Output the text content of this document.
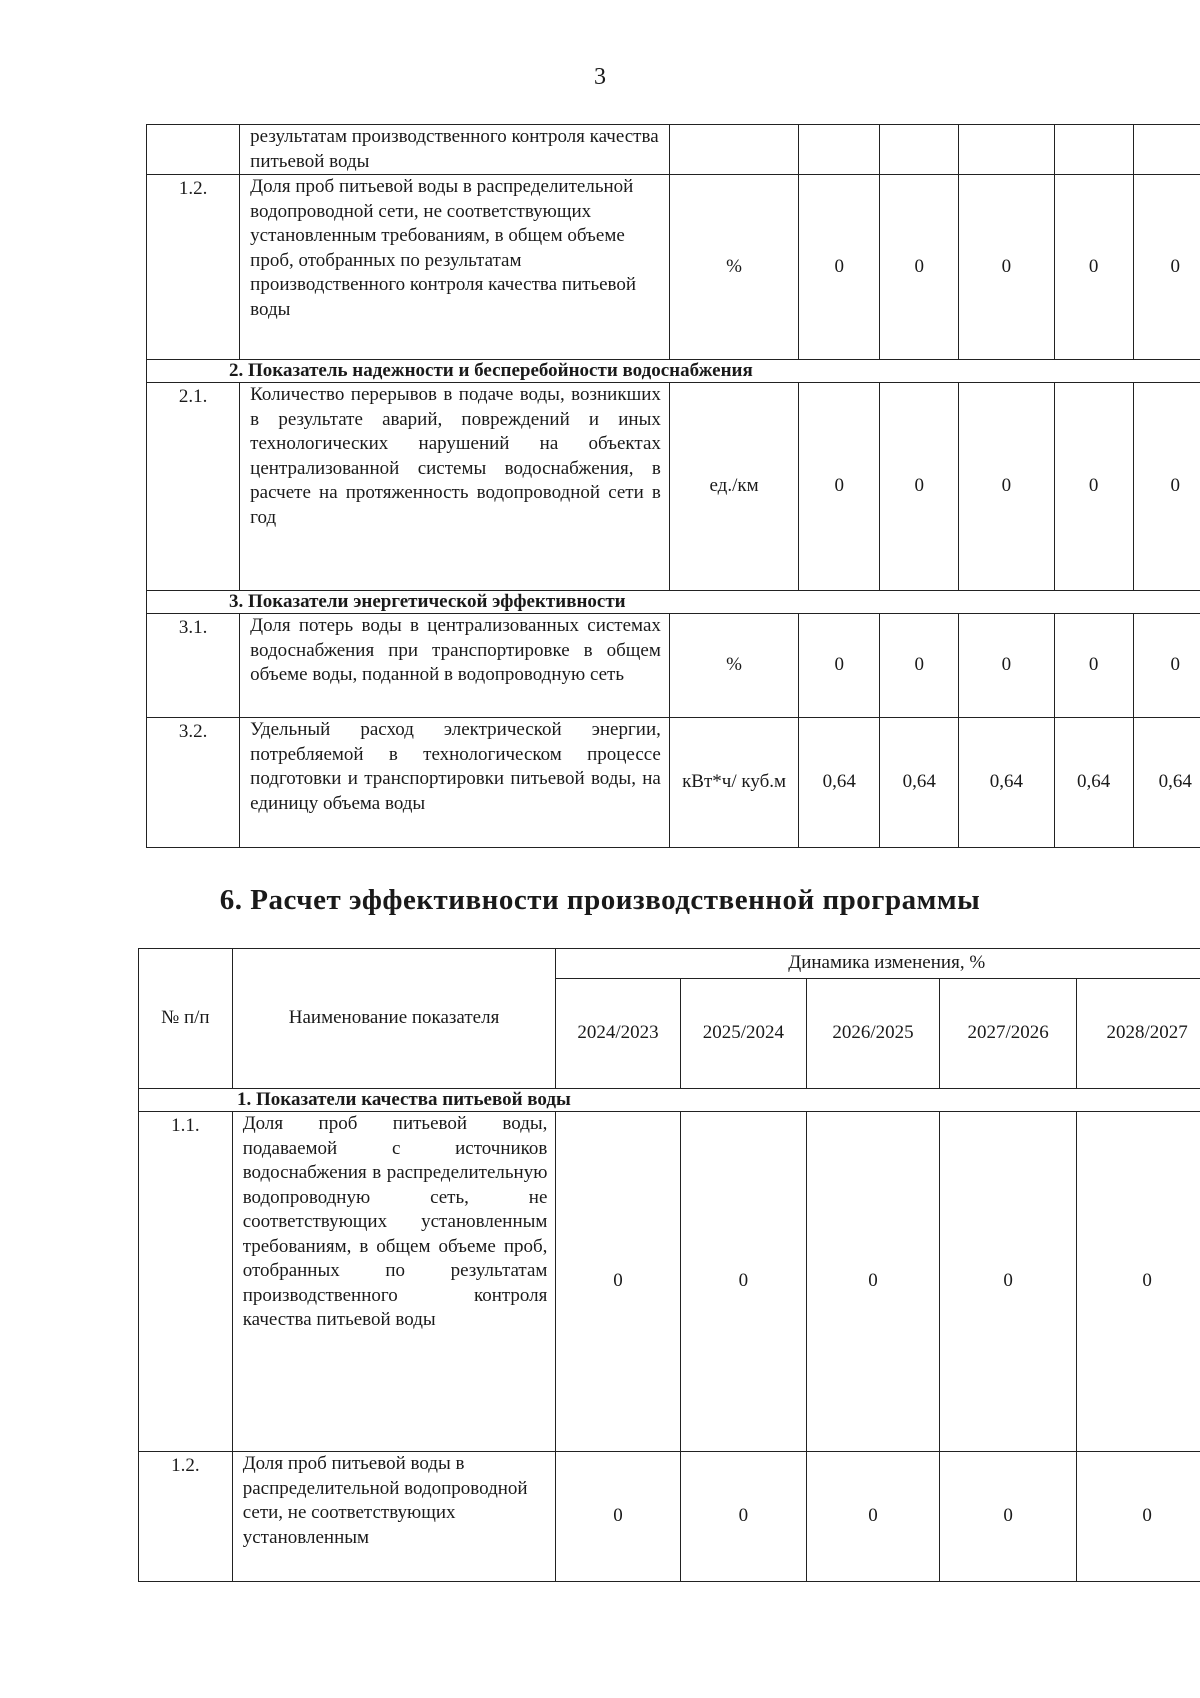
3
	результатам производственного контроля качества питьевой воды						
1.2.	Доля проб питьевой воды в распределительной водопроводной сети, не соответствующих установленным требованиям, в общем объеме проб, отобранных по результатам производственного контроля качества питьевой воды	%	0	0	0	0	0
2. Показатель надежности и бесперебойности водоснабжения							
2.1.	Количество перерывов в подаче воды, возникших в результате аварий, повреждений и иных технологических нарушений на объектах централизованной системы водоснабжения, в расчете на протяженность водопроводной сети в год	ед./км	0	0	0	0	0
3. Показатели энергетической эффективности							
3.1.	Доля потерь воды в централизованных системах водоснабжения при транспортировке в общем объеме воды, поданной в водопроводную сеть	%	0	0	0	0	0
3.2.	Удельный расход электрической энергии, потребляемой в технологическом процессе подготовки и транспортировки питьевой воды, на единицу объема воды	кВт*ч/ куб.м	0,64	0,64	0,64	0,64	0,64
6. Расчет эффективности производственной программы
№ п/п	Наименование показателя	Динамика изменения, %				
		2024/2023	2025/2024	2026/2025	2027/2026	2028/2027
1. Показатели качества питьевой воды						
1.1.	Доля проб питьевой воды, подаваемой с источников водоснабжения в распределительную водопроводную сеть, не соответствующих установленным требованиям, в общем объеме проб, отобранных по результатам производственного контроля качества питьевой воды	0	0	0	0	0
1.2.	Доля проб питьевой воды в распределительной водопроводной сети, не соответствующих установленным	0	0	0	0	0
